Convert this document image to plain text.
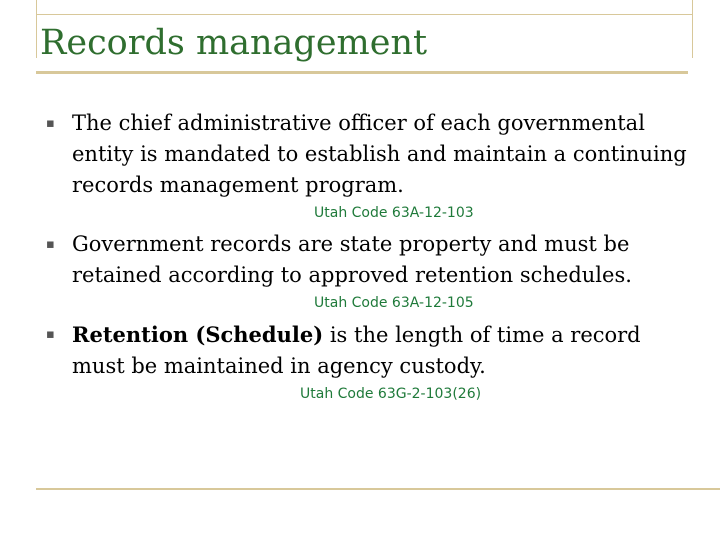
Records management
▪ The chief administrative officer of each governmental entity is mandated to establish and maintain a continuing records management program.
Utah Code 63A-12-103
▪ Government records are state property and must be retained according to approved retention schedules.
Utah Code 63A-12-105
▪ Retention (Schedule) is the length of time a record must be maintained in agency custody.
Utah Code 63G-2-103(26)
